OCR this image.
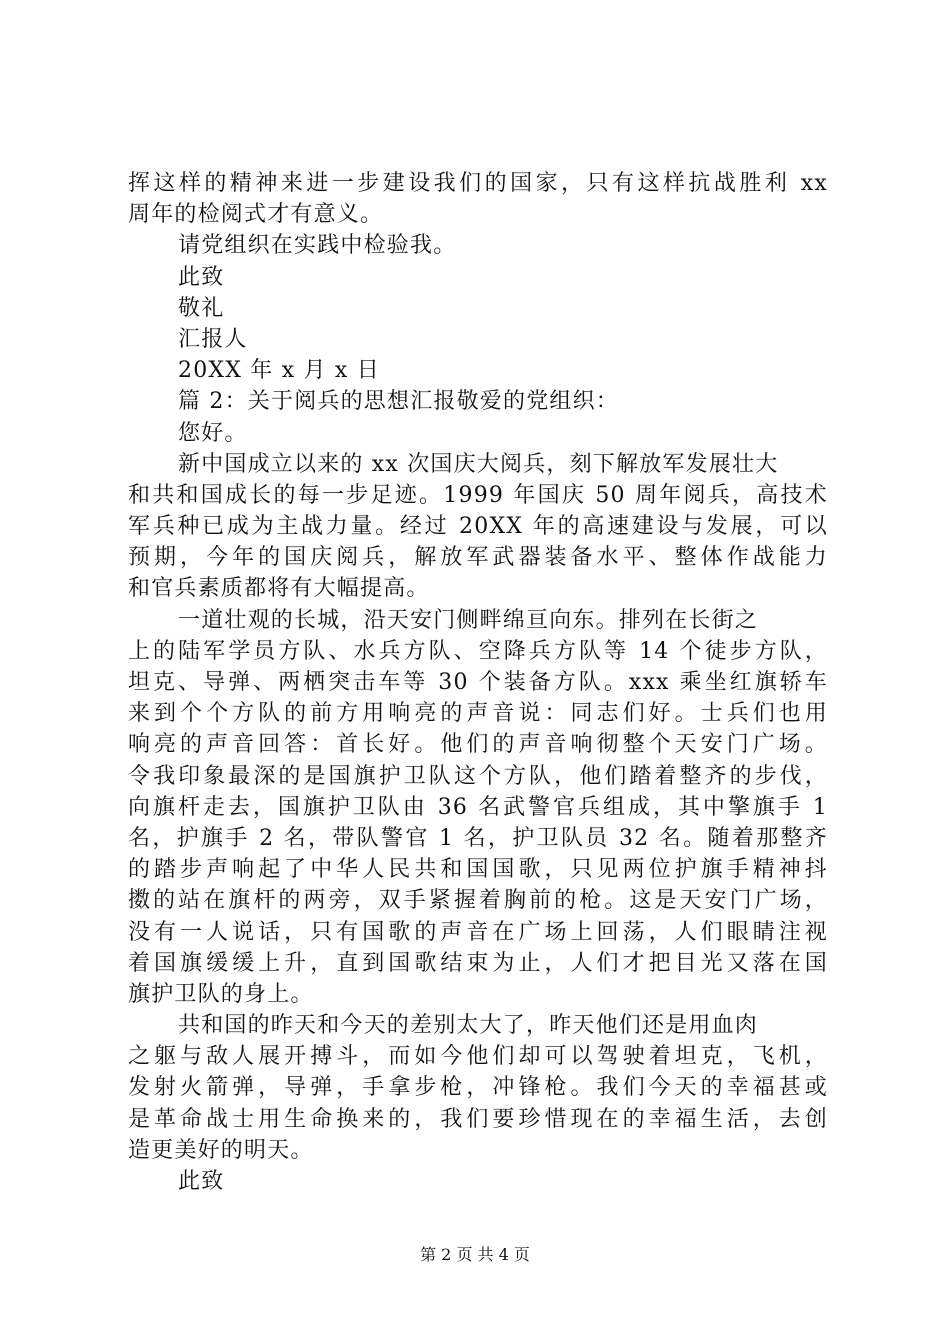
挥这样的精神来进一步建设我们的国家，只有这样抗战胜利 xx
周年的检阅式才有意义。
请党组织在实践中检验我。
此致
敬礼
汇报人
20XX 年 x 月 x 日
篇 2：关于阅兵的思想汇报敬爱的党组织：
您好。
新中国成立以来的 xx 次国庆大阅兵，刻下解放军发展壮大
和共和国成长的每一步足迹。1999 年国庆 50 周年阅兵，高技术
军兵种已成为主战力量。经过 20XX 年的高速建设与发展，可以
预期，今年的国庆阅兵，解放军武器装备水平、整体作战能力
和官兵素质都将有大幅提高。
一道壮观的长城，沿天安门侧畔绵亘向东。排列在长街之
上的陆军学员方队、水兵方队、空降兵方队等 14 个徒步方队，
坦克、导弹、两栖突击车等 30 个装备方队。xxx 乘坐红旗轿车
来到个个方队的前方用响亮的声音说：同志们好。士兵们也用
响亮的声音回答：首长好。他们的声音响彻整个天安门广场。
令我印象最深的是国旗护卫队这个方队，他们踏着整齐的步伐，
向旗杆走去，国旗护卫队由 36 名武警官兵组成，其中擎旗手 1
名，护旗手 2 名，带队警官 1 名，护卫队员 32 名。随着那整齐
的踏步声响起了中华人民共和国国歌，只见两位护旗手精神抖
擞的站在旗杆的两旁，双手紧握着胸前的枪。这是天安门广场，
没有一人说话，只有国歌的声音在广场上回荡，人们眼睛注视
着国旗缓缓上升，直到国歌结束为止，人们才把目光又落在国
旗护卫队的身上。
共和国的昨天和今天的差别太大了，昨天他们还是用血肉
之躯与敌人展开搏斗，而如今他们却可以驾驶着坦克，飞机，
发射火箭弹，导弹，手拿步枪，冲锋枪。我们今天的幸福甚或
是革命战士用生命换来的，我们要珍惜现在的幸福生活，去创
造更美好的明天。
此致
第 2 页 共 4 页
